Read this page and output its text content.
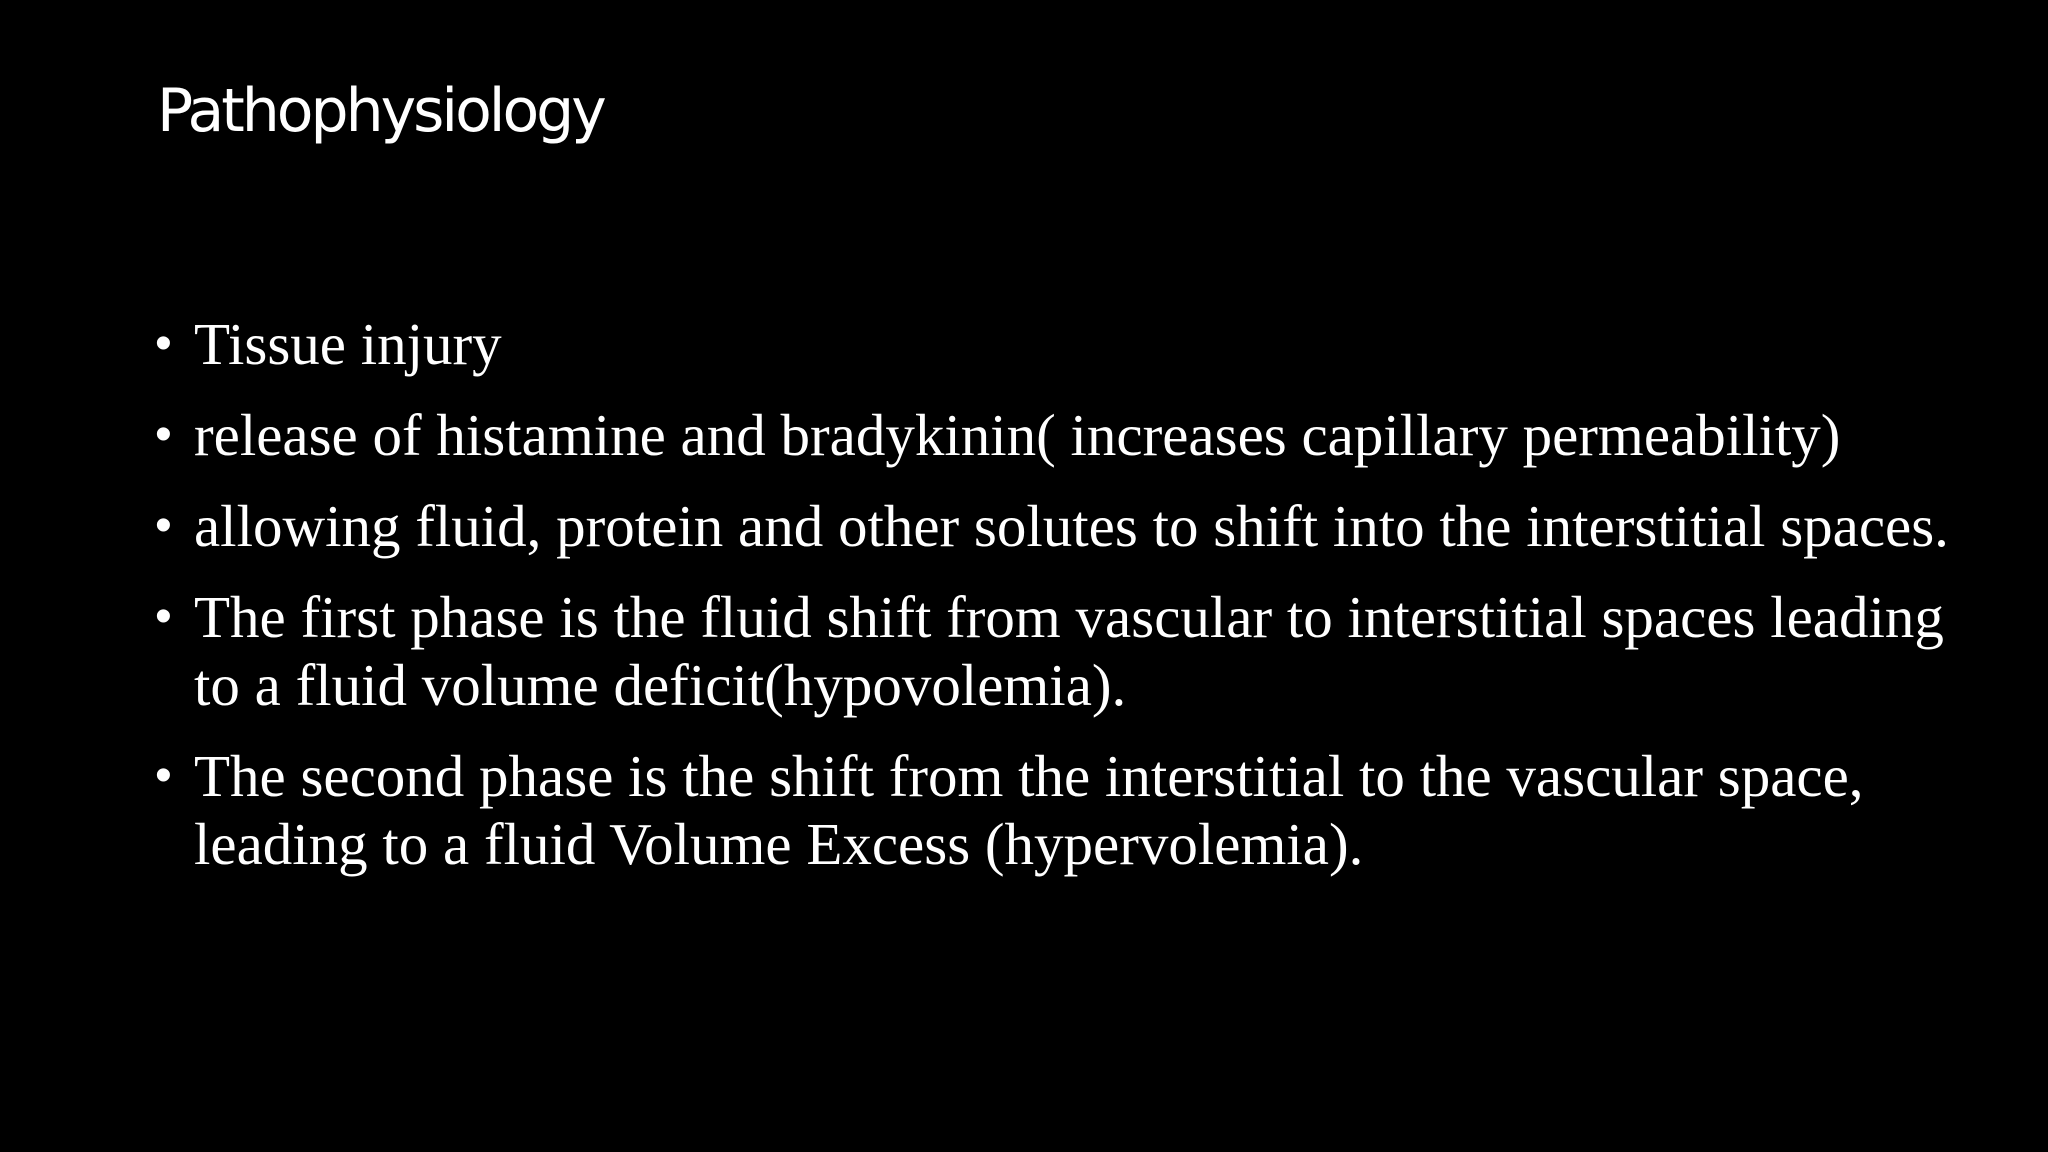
Pathophysiology
• Tissue injury
• release of histamine and bradykinin( increases capillary permeability)
• allowing fluid, protein and other solutes to shift into the interstitial spaces.
• The first phase is the fluid shift from vascular to interstitial spaces leading to a fluid volume deficit(hypovolemia).
• The second phase is the shift from the interstitial to the vascular space, leading to a fluid Volume Excess (hypervolemia).
